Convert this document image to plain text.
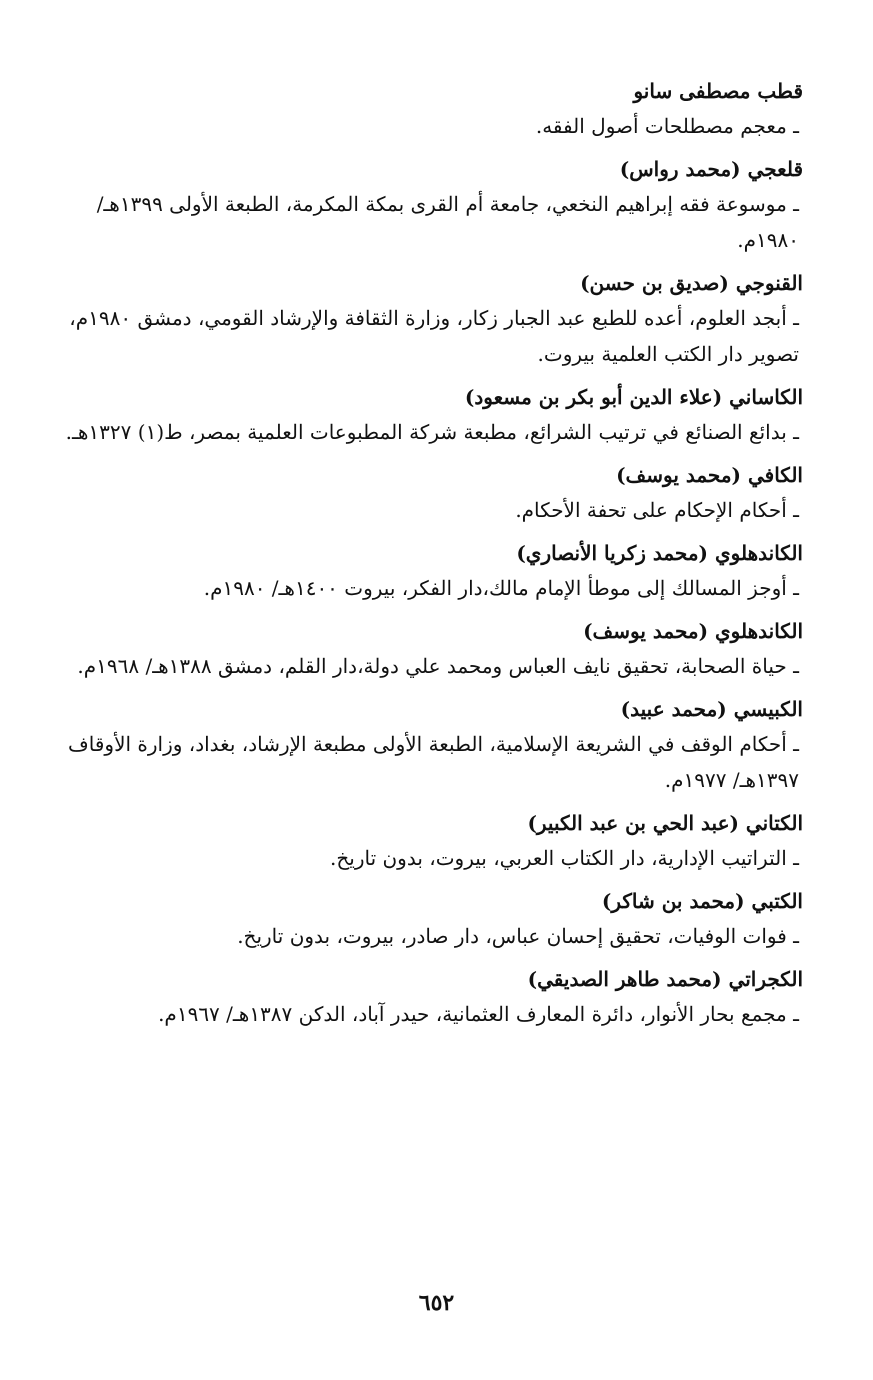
قطب مصطفى سانو
ـ معجم مصطلحات أصول الفقه.
قلعجي (محمد رواس)
ـ موسوعة فقه إبراهيم النخعي، جامعة أم القرى بمكة المكرمة، الطبعة الأولى ١٣٩٩هـ/ ١٩٨٠م.
القنوجي (صديق بن حسن)
ـ أبجد العلوم، أعده للطبع عبد الجبار زكار، وزارة الثقافة والإرشاد القومي، دمشق ١٩٨٠م، تصوير دار الكتب العلمية بيروت.
الكاساني (علاء الدين أبو بكر بن مسعود)
ـ بدائع الصنائع في ترتيب الشرائع، مطبعة شركة المطبوعات العلمية بمصر، ط(١) ١٣٢٧هـ.
الكافي (محمد يوسف)
ـ أحكام الإحكام على تحفة الأحكام.
الكاندهلوي (محمد زكريا الأنصاري)
ـ أوجز المسالك إلى موطأ الإمام مالك،دار الفكر، بيروت ١٤٠٠هـ/ ١٩٨٠م.
الكاندهلوي (محمد يوسف)
ـ حياة الصحابة، تحقيق نايف العباس ومحمد علي دولة،دار القلم، دمشق ١٣٨٨هـ/ ١٩٦٨م.
الكبيسي (محمد عبيد)
ـ أحكام الوقف في الشريعة الإسلامية، الطبعة الأولى مطبعة الإرشاد، بغداد، وزارة الأوقاف ١٣٩٧هـ/ ١٩٧٧م.
الكتاني (عبد الحي بن عبد الكبير)
ـ التراتيب الإدارية، دار الكتاب العربي، بيروت، بدون تاريخ.
الكتبي (محمد بن شاكر)
ـ فوات الوفيات، تحقيق إحسان عباس، دار صادر، بيروت، بدون تاريخ.
الكجراتي (محمد طاهر الصديقي)
ـ مجمع بحار الأنوار، دائرة المعارف العثمانية، حيدر آباد، الدكن ١٣٨٧هـ/ ١٩٦٧م.
٦٥٢
